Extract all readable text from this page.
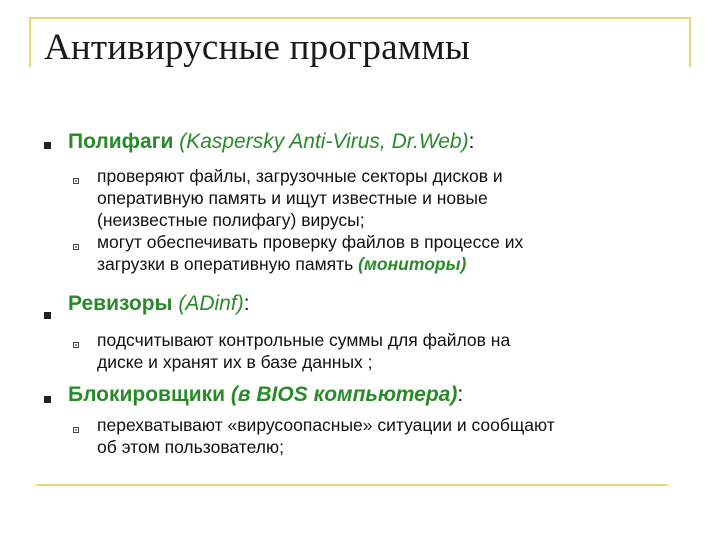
Антивирусные программы
Полифаги (Kaspersky Anti-Virus, Dr.Web):
проверяют файлы, загрузочные секторы дисков и
оперативную память и ищут известные и новые
(неизвестные полифагу) вирусы;
могут обеспечивать проверку файлов в процессе их
загрузки в оперативную память (мониторы)
Ревизоры (ADinf):
подсчитывают контрольные суммы для файлов на
диске и хранят их в базе данных ;
Блокировщики (в BIOS компьютера):
перехватывают «вирусоопасные» ситуации и сообщают
об этом пользователю;
